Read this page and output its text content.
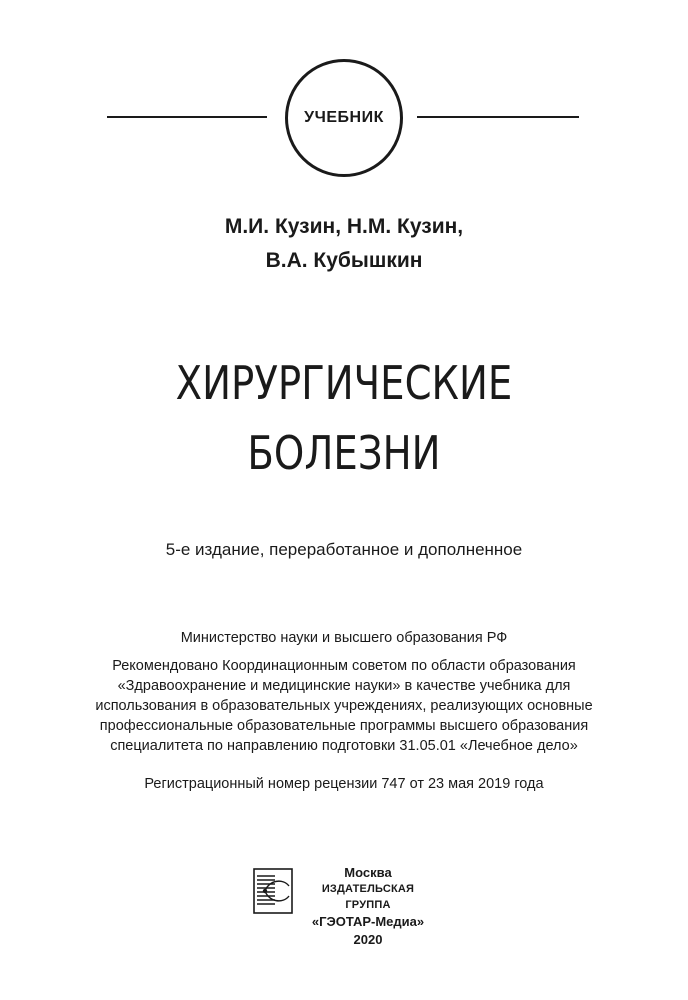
УЧЕБНИК
М.И. Кузин, Н.М. Кузин,
В.А. Кубышкин
ХИРУРГИЧЕСКИЕ
БОЛЕЗНИ
5-е издание, переработанное и дополненное
Министерство науки и высшего образования РФ
Рекомендовано Координационным советом по области образования
«Здравоохранение и медицинские науки» в качестве учебника для
использования в образовательных учреждениях, реализующих основные
профессиональные образовательные программы высшего образования
специалитета по направлению подготовки 31.05.01 «Лечебное дело»
Регистрационный номер рецензии 747 от 23 мая 2019 года
Москва
ИЗДАТЕЛЬСКАЯ ГРУППА
«ГЭОТАР-Медиа»
2020
